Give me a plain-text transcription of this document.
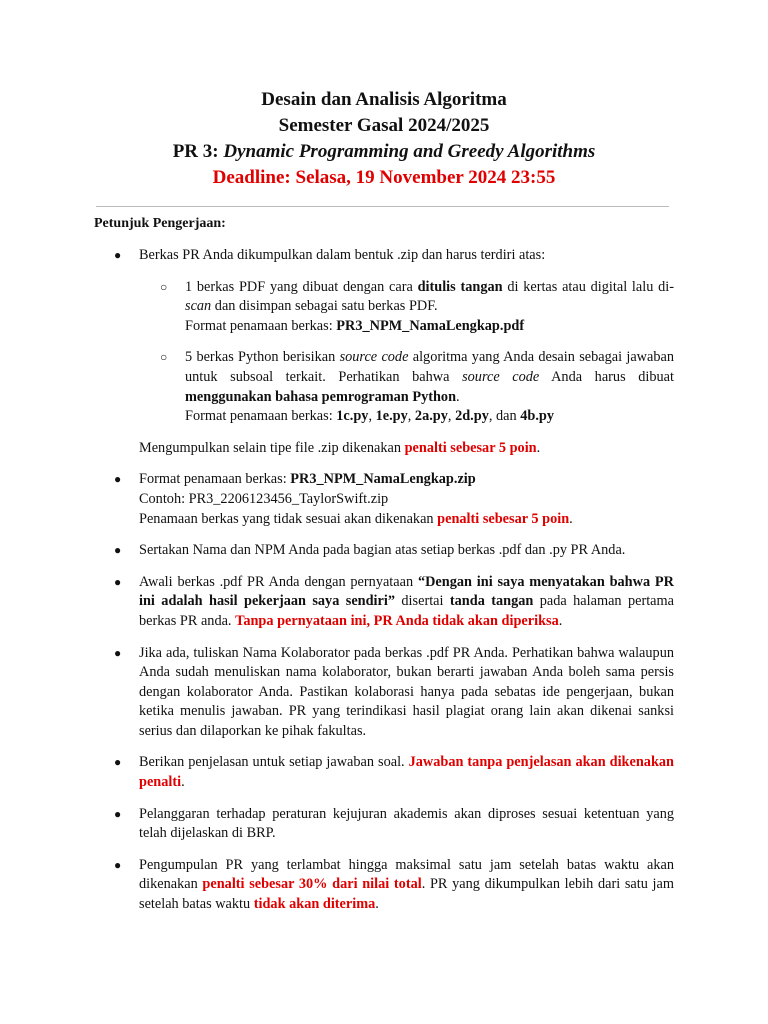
Desain dan Analisis Algoritma
Semester Gasal 2024/2025
PR 3: Dynamic Programming and Greedy Algorithms
Deadline: Selasa, 19 November 2024 23:55
Petunjuk Pengerjaan:
● Berkas PR Anda dikumpulkan dalam bentuk .zip dan harus terdiri atas:
○ 1 berkas PDF yang dibuat dengan cara ditulis tangan di kertas atau digital lalu di-scan dan disimpan sebagai satu berkas PDF.
Format penamaan berkas: PR3_NPM_NamaLengkap.pdf
○ 5 berkas Python berisikan source code algoritma yang Anda desain sebagai jawaban untuk subsoal terkait. Perhatikan bahwa source code Anda harus dibuat menggunakan bahasa pemrograman Python.
Format penamaan berkas: 1c.py, 1e.py, 2a.py, 2d.py, dan 4b.py
Mengumpulkan selain tipe file .zip dikenakan penalti sebesar 5 poin.
● Format penamaan berkas: PR3_NPM_NamaLengkap.zip
Contoh: PR3_2206123456_TaylorSwift.zip
Penamaan berkas yang tidak sesuai akan dikenakan penalti sebesar 5 poin.
● Sertakan Nama dan NPM Anda pada bagian atas setiap berkas .pdf dan .py PR Anda.
● Awali berkas .pdf PR Anda dengan pernyataan “Dengan ini saya menyatakan bahwa PR ini adalah hasil pekerjaan saya sendiri” disertai tanda tangan pada halaman pertama berkas PR anda. Tanpa pernyataan ini, PR Anda tidak akan diperiksa.
● Jika ada, tuliskan Nama Kolaborator pada berkas .pdf PR Anda. Perhatikan bahwa walaupun Anda sudah menuliskan nama kolaborator, bukan berarti jawaban Anda boleh sama persis dengan kolaborator Anda. Pastikan kolaborasi hanya pada sebatas ide pengerjaan, bukan ketika menulis jawaban. PR yang terindikasi hasil plagiat orang lain akan dikenai sanksi serius dan dilaporkan ke pihak fakultas.
● Berikan penjelasan untuk setiap jawaban soal. Jawaban tanpa penjelasan akan dikenakan penalti.
● Pelanggaran terhadap peraturan kejujuran akademis akan diproses sesuai ketentuan yang telah dijelaskan di BRP.
● Pengumpulan PR yang terlambat hingga maksimal satu jam setelah batas waktu akan dikenakan penalti sebesar 30% dari nilai total. PR yang dikumpulkan lebih dari satu jam setelah batas waktu tidak akan diterima.
